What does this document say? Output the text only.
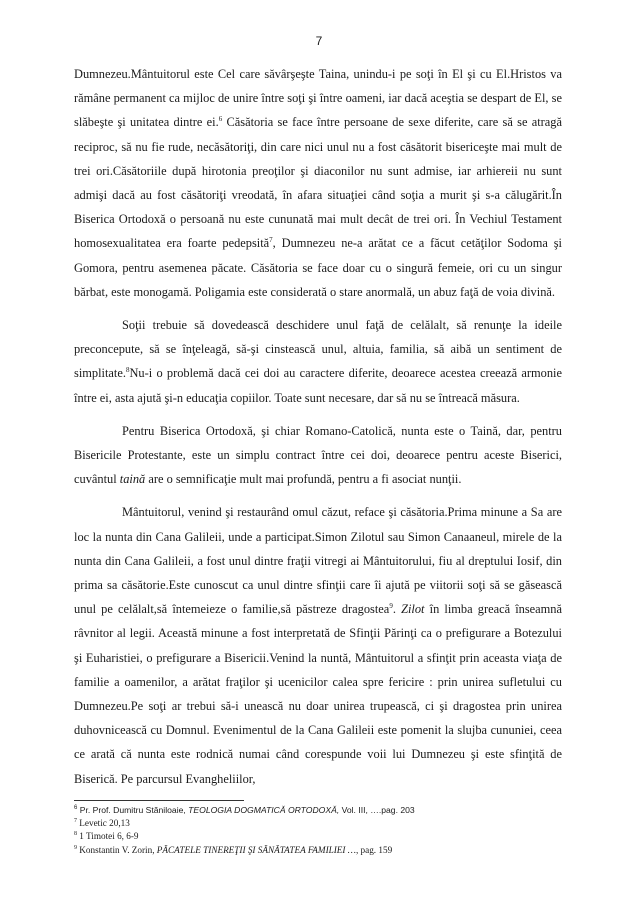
7

Dumnezeu.Mântuitorul este Cel care săvârşeşte Taina, unindu-i pe soţi în El şi cu El.Hristos va rămâne permanent ca mijloc de unire între soţi şi între oameni, iar dacă aceştia se despart de El, se slăbeşte şi unitatea dintre ei.$^6$ Căsătoria se face între persoane de sexe diferite, care să se atragă reciproc, să nu fie rude, necăsătoriţi, din care nici unul nu a fost căsătorit bisericeşte mai mult de trei ori.Căsătoriile după hirotonia preoţilor şi diaconilor nu sunt admise, iar arhiereii nu sunt admişi dacă au fost căsătoriţi vreodată, în afara situaţiei când soţia a murit şi s-a călugărit.În Biserica Ortodoxă o persoană nu este cununată mai mult decât de trei ori. În Vechiul Testament homosexualitatea era foarte pedepsită$^7$, Dumnezeu ne-a arătat ce a făcut cetăţilor Sodoma şi Gomora, pentru asemenea păcate. Căsătoria se face doar cu o singură femeie, ori cu un singur bărbat, este monogamă. Poligamia este considerată o stare anormală, un abuz faţă de voia divină.

Soţii trebuie să dovedească deschidere unul faţă de celălalt, să renunţe la ideile preconcepute, să se înţeleagă, să-şi cinstească unul, altuia, familia, să aibă un sentiment de simplitate.$^8$Nu-i o problemă dacă cei doi au caractere diferite, deoarece acestea creează armonie între ei, asta ajută şi-n educaţia copiilor. Toate sunt necesare, dar să nu se întreacă măsura.

Pentru Biserica Ortodoxă, şi chiar Romano-Catolică, nunta este o Taină, dar, pentru Bisericile Protestante, este un simplu contract între cei doi, deoarece pentru aceste Biserici, cuvântul taină are o semnificaţie mult mai profundă, pentru a fi asociat nunţii.

Mântuitorul, venind şi restaurând omul căzut, reface şi căsătoria.Prima minune a Sa are loc la nunta din Cana Galileii, unde a participat.Simon Zilotul sau Simon Canaaneul, mirele de la nunta din Cana Galileii, a fost unul dintre fraţii vitregi ai Mântuitorului, fiu al dreptului Iosif, din prima sa căsătorie.Este cunoscut ca unul dintre sfinţii care îi ajută pe viitorii soţi să se găsească unul pe celălalt,să întemeieze o familie,să păstreze dragostea$^9$. Zilot în limba greacă înseamnă râvnitor al legii. Această minune a fost interpretată de Sfinţii Părinţi ca o prefigurare a Botezului şi Euharistiei, o prefigurare a Bisericii.Venind la nuntă, Mântuitorul a sfinţit prin aceasta viaţa de familie a oamenilor, a arătat fraţilor şi ucenicilor calea spre fericire : prin unirea sufletului cu Dumnezeu.Pe soţi ar trebui să-i unească nu doar unirea trupească, ci şi dragostea prin unirea duhovnicească cu Domnul. Evenimentul de la Cana Galileii este pomenit la slujba cununiei, ceea ce arată că nunta este rodnică numai când corespunde voii lui Dumnezeu şi este sfinţită de Biserică. Pe parcursul Evangheliilor,

$^6$ Pr. Prof. Dumitru Stăniloaie, TEOLOGIA DOGMATICĂ ORTODOXĂ, Vol. III, ….pag. 203

$^7$ Levetic 20,13

$^8$ 1 Timotei 6, 6-9

$^9$ Konstantin V. Zorin, PĂCATELE TINEREŢII ŞI SĂNĂTATEA FAMILIEI …, pag. 159
